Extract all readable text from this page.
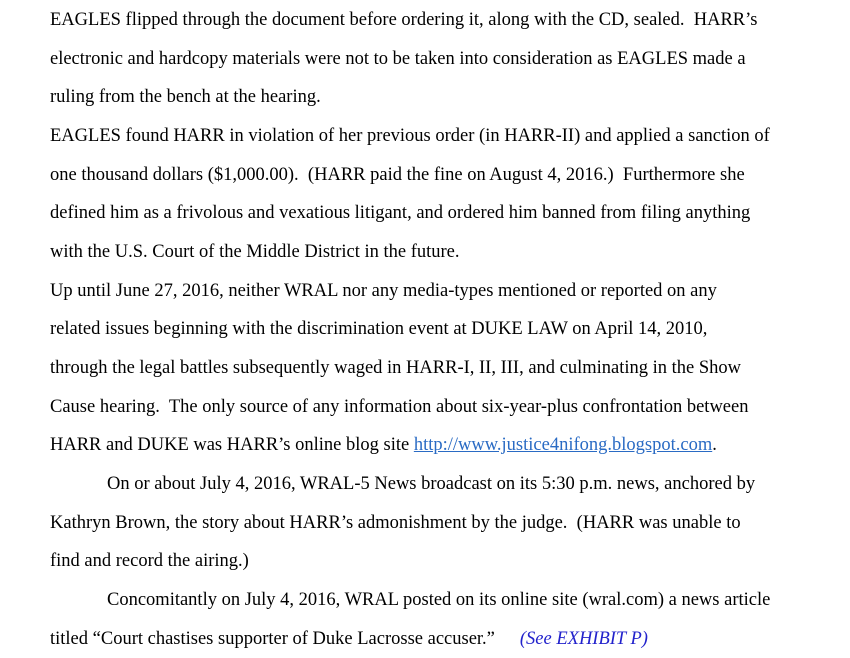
EAGLES flipped through the document before ordering it, along with the CD, sealed.  HARR’s

electronic and hardcopy materials were not to be taken into consideration as EAGLES made a

ruling from the bench at the hearing.

EAGLES found HARR in violation of her previous order (in HARR-II) and applied a sanction of

one thousand dollars ($1,000.00).  (HARR paid the fine on August 4, 2016.)  Furthermore she

defined him as a frivolous and vexatious litigant, and ordered him banned from filing anything

with the U.S. Court of the Middle District in the future.

Up until June 27, 2016, neither WRAL nor any media-types mentioned or reported on any

related issues beginning with the discrimination event at DUKE LAW on April 14, 2010,

through the legal battles subsequently waged in HARR-I, II, III, and culminating in the Show

Cause hearing.  The only source of any information about six-year-plus confrontation between

HARR and DUKE was HARR’s online blog site http://www.justice4nifong.blogspot.com.

On or about July 4, 2016, WRAL-5 News broadcast on its 5:30 p.m. news, anchored by

Kathryn Brown, the story about HARR’s admonishment by the judge.  (HARR was unable to

find and record the airing.)

Concomitantly on July 4, 2016, WRAL posted on its online site (wral.com) a news article

titled “Court chastises supporter of Duke Lacrosse accuser.” (See EXHIBIT P)
